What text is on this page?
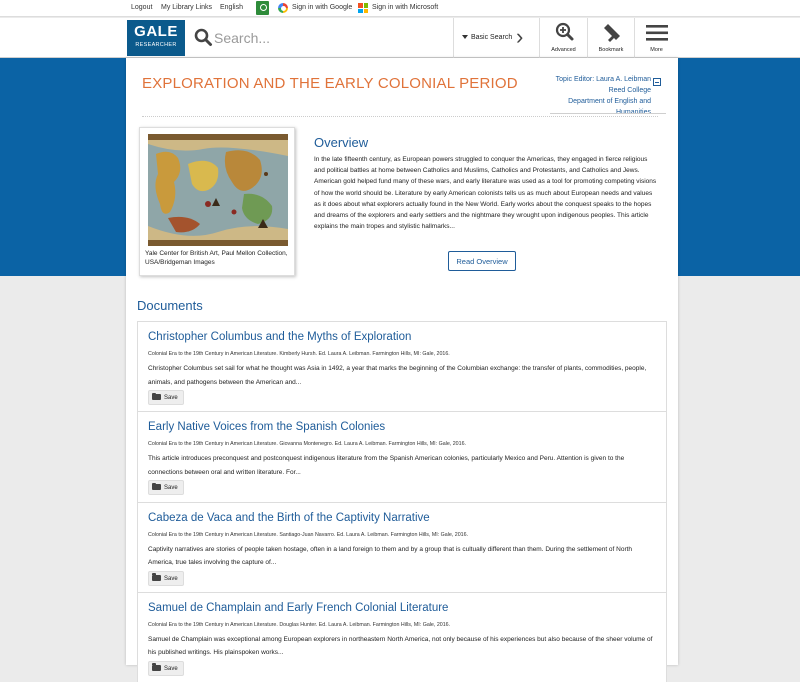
Logout My Library Links English	Sign in with Google	Sign in with Microsoft
GALE
RESEARCHER
Search...
Basic Search ›
Advanced	Bookmark	More
EXPLORATION AND THE EARLY COLONIAL PERIOD	Topic Editor: Laura A. Leibman
Reed College
Department of English and
Yale Center for British Art, Paul Mellon Collection, USA/Bridgeman Images
Overview

In the late fifteenth century, as European powers struggled to conquer the Americas, they engaged in fierce religious and political battles at home between Catholics and Muslims, Catholics and Protestants, and Catholics and Jews. American gold helped fund many of these wars, and early literature was used as a tool for promoting competing visions of how the world should be. Literature by early American colonists tells us as much about European needs and values as it does about what explorers actually found in the New World. Early works about the conquest speaks to the hopes and dreams of the explorers and early settlers and the nightmare they wrought upon indigenous peoples. This article explains the main tropes and stylistic hallmarks...

Read Overview
Documents
Christopher Columbus and the Myths of Exploration
Colonial Era to the 19th Century in American Literature. Kimberly Hursh. Ed. Laura A. Leibman. Farmington Hills, MI: Gale, 2016.
Christopher Columbus set sail for what he thought was Asia in 1492, a year that marks the beginning of the Columbian exchange: the transfer of plants, commodities, people, animals, and pathogens between the American and...
Save
Early Native Voices from the Spanish Colonies
Colonial Era to the 19th Century in American Literature. Giovanna Montenegro. Ed. Laura A. Leibman. Farmington Hills, MI: Gale, 2016.
This article introduces preconquest and postconquest indigenous literature from the Spanish American colonies, particularly Mexico and Peru. Attention is given to the connections between oral and written literature. For...
Save
Cabeza de Vaca and the Birth of the Captivity Narrative
Colonial Era to the 19th Century in American Literature. Santiago-Juan Navarro. Ed. Laura A. Leibman. Farmington Hills, MI: Gale, 2016.
Captivity narratives are stories of people taken hostage, often in a land foreign to them and by a group that is cultually different than them. During the settlement of North America, true tales involving the capture of...
Save
Samuel de Champlain and Early French Colonial Literature
Colonial Era to the 19th Century in American Literature. Douglas Hunter. Ed. Laura A. Leibman. Farmington Hills, MI: Gale, 2016.
Samuel de Champlain was exceptional among European explorers in northeastern North America, not only because of his experiences but also because of the sheer volume of his published writings. His plainspoken works...
Save
